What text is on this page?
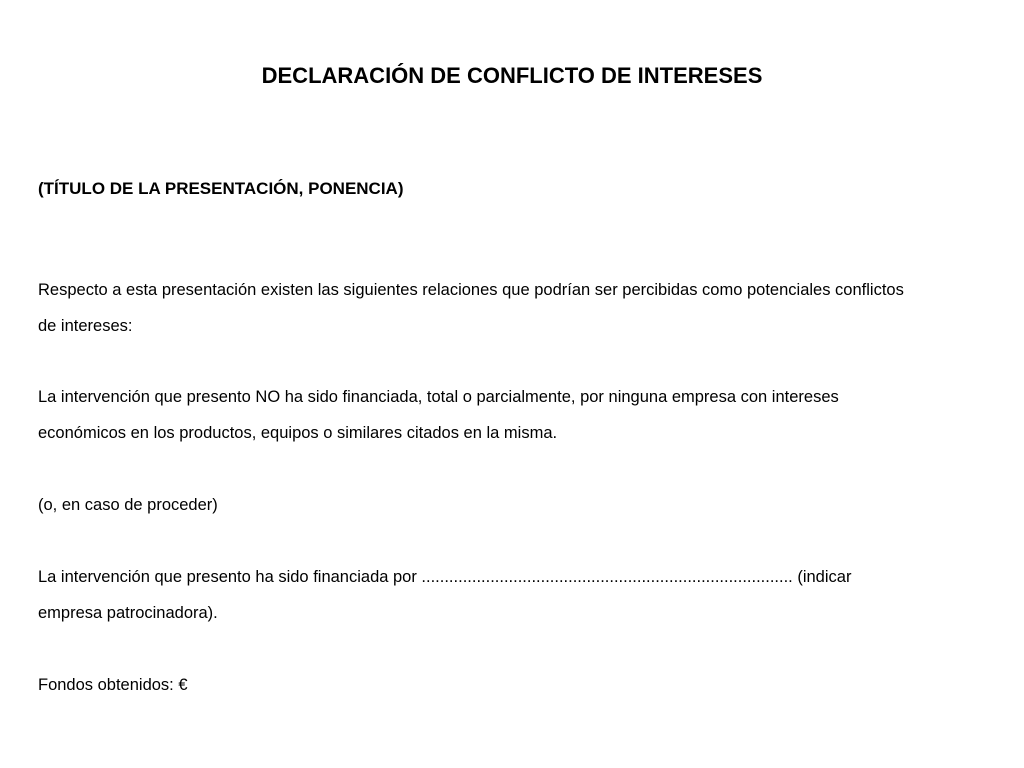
DECLARACIÓN DE CONFLICTO DE INTERESES
(TÍTULO DE LA PRESENTACIÓN, PONENCIA)
Respecto a esta presentación existen las siguientes relaciones que podrían ser percibidas como potenciales conflictos
de intereses:
La intervención que presento NO ha sido financiada, total o parcialmente, por ninguna empresa con intereses
económicos en los productos, equipos o similares citados en la misma.
(o, en caso de proceder)
La intervención que presento ha sido financiada por ................................................................................. (indicar
empresa patrocinadora).
Fondos obtenidos: €
